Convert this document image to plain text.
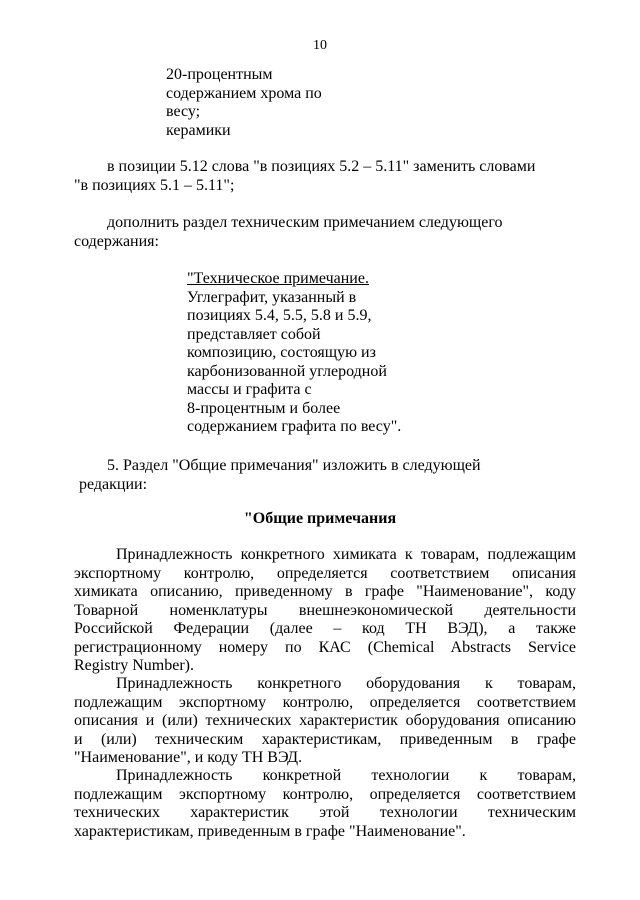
10
20-процентным
содержанием хрома по
весу;
керамики
в позиции 5.12 слова "в позициях 5.2 – 5.11" заменить словами
"в позициях 5.1 – 5.11";
дополнить раздел техническим примечанием следующего
содержания:
"Техническое примечание.
Углеграфит, указанный в
позициях 5.4, 5.5, 5.8 и 5.9,
представляет собой
композицию, состоящую из
карбонизованной углеродной
массы и графита с
8-процентным и более
содержанием графита по весу".
5. Раздел "Общие примечания" изложить в следующей
редакции:
"Общие примечания
Принадлежность конкретного химиката к товарам, подлежащим
экспортному контролю, определяется соответствием описания
химиката описанию, приведенному в графе "Наименование", коду
Товарной номенклатуры внешнеэкономической деятельности
Российской Федерации (далее – код ТН ВЭД), а также
регистрационному номеру по КАС (Chemical Abstracts Service
Registry Number).
Принадлежность конкретного оборудования к товарам,
подлежащим экспортному контролю, определяется соответствием
описания и (или) технических характеристик оборудования описанию
и (или) техническим характеристикам, приведенным в графе
"Наименование", и коду ТН ВЭД.
Принадлежность конкретной технологии к товарам,
подлежащим экспортному контролю, определяется соответствием
технических характеристик этой технологии техническим
характеристикам, приведенным в графе "Наименование".
